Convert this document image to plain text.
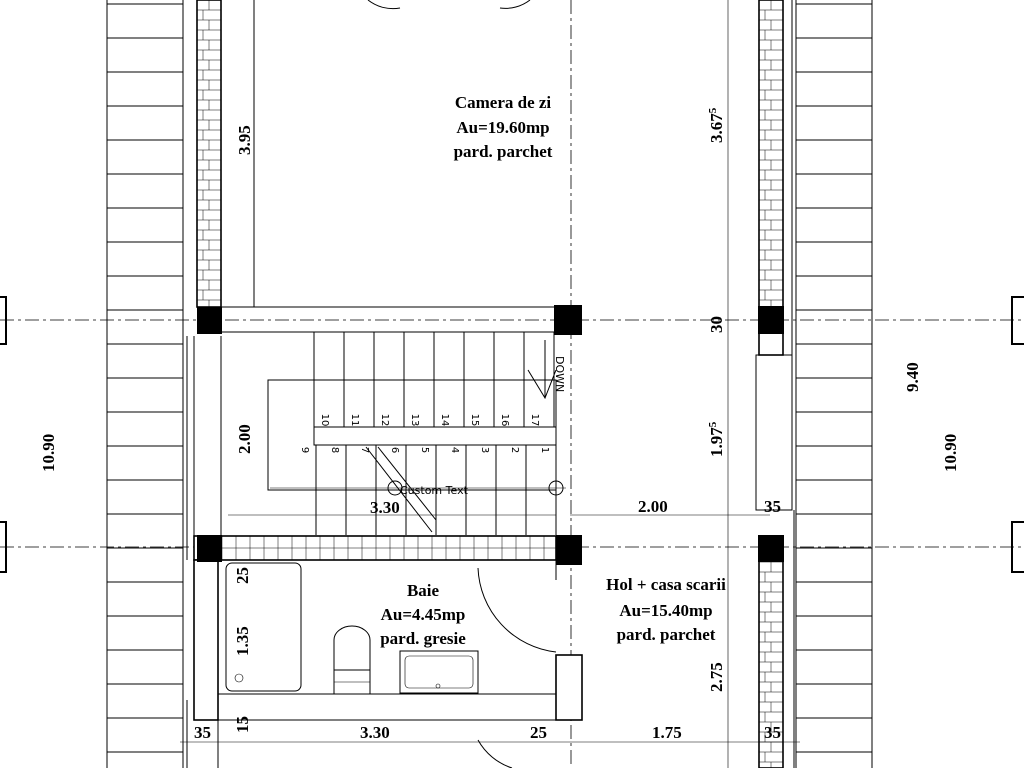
10 11 12 13 14 15 16 17
9 8 7 6 5 4 3 2 1
DOWN
Custom Text
Camera de zi
Au=19.60mp
pard. parchet
Baie
Au=4.45mp
pard. gresie
Hol + casa scarii
Au=15.40mp
pard. parchet
3.95	3.67$^5$
30
2.00	1.97$^5$
10.90
9.40
10.90
25
1.35
2.75
15
3.30	2.00	35
35	3.30	25	1.75	35
